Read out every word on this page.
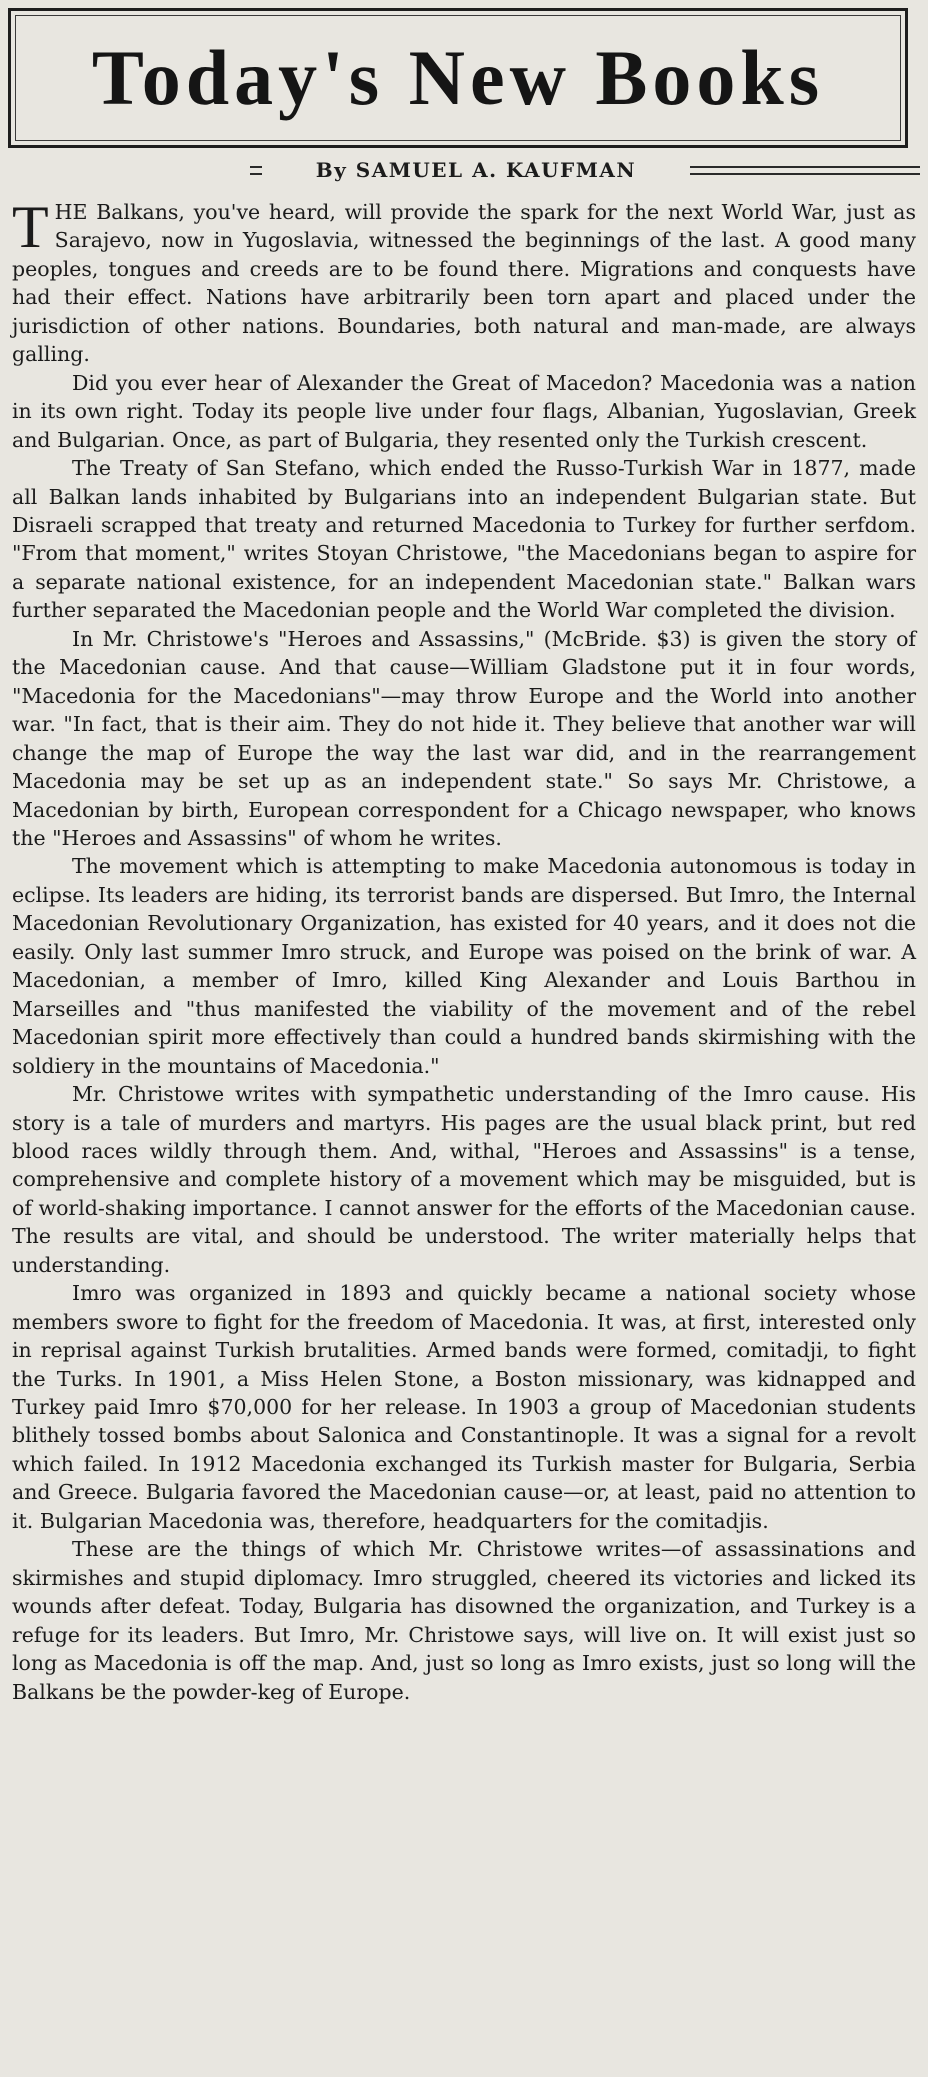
Today's New Books
By SAMUEL A. KAUFMAN

THE Balkans, you've heard, will provide the spark for the next World War, just as Sarajevo, now in Yugoslavia, witnessed the beginnings of the last. A good many peoples, tongues and creeds are to be found there. Migrations and conquests have had their effect. Nations have arbitrarily been torn apart and placed under the jurisdiction of other nations. Boundaries, both natural and man-made, are always galling.

Did you ever hear of Alexander the Great of Macedon? Macedonia was a nation in its own right. Today its people live under four flags, Albanian, Yugoslavian, Greek and Bulgarian. Once, as part of Bulgaria, they resented only the Turkish crescent.

The Treaty of San Stefano, which ended the Russo-Turkish War in 1877, made all Balkan lands inhabited by Bulgarians into an independent Bulgarian state. But Disraeli scrapped that treaty and returned Macedonia to Turkey for further serfdom. "From that moment," writes Stoyan Christowe, "the Macedonians began to aspire for a separate national existence, for an independent Macedonian state." Balkan wars further separated the Macedonian people and the World War completed the division.

In Mr. Christowe's "Heroes and Assassins," (McBride. $3) is given the story of the Macedonian cause. And that cause—William Gladstone put it in four words, "Macedonia for the Macedonians"—may throw Europe and the World into another war. "In fact, that is their aim. They do not hide it. They believe that another war will change the map of Europe the way the last war did, and in the rearrangement Macedonia may be set up as an independent state." So says Mr. Christowe, a Macedonian by birth, European correspondent for a Chicago newspaper, who knows the "Heroes and Assassins" of whom he writes.

The movement which is attempting to make Macedonia autonomous is today in eclipse. Its leaders are hiding, its terrorist bands are dispersed. But Imro, the Internal Macedonian Revolutionary Organization, has existed for 40 years, and it does not die easily. Only last summer Imro struck, and Europe was poised on the brink of war. A Macedonian, a member of Imro, killed King Alexander and Louis Barthou in Marseilles and "thus manifested the viability of the movement and of the rebel Macedonian spirit more effectively than could a hundred bands skirmishing with the soldiery in the mountains of Macedonia."

Mr. Christowe writes with sympathetic understanding of the Imro cause. His story is a tale of murders and martyrs. His pages are the usual black print, but red blood races wildly through them. And, withal, "Heroes and Assassins" is a tense, comprehensive and complete history of a movement which may be misguided, but is of world-shaking importance. I cannot answer for the efforts of the Macedonian cause. The results are vital, and should be understood. The writer materially helps that understanding.

Imro was organized in 1893 and quickly became a national society whose members swore to fight for the freedom of Macedonia. It was, at first, interested only in reprisal against Turkish brutalities. Armed bands were formed, comitadji, to fight the Turks. In 1901, a Miss Helen Stone, a Boston missionary, was kidnapped and Turkey paid Imro $70,000 for her release. In 1903 a group of Macedonian students blithely tossed bombs about Salonica and Constantinople. It was a signal for a revolt which failed. In 1912 Macedonia exchanged its Turkish master for Bulgaria, Serbia and Greece. Bulgaria favored the Macedonian cause—or, at least, paid no attention to it. Bulgarian Macedonia was, therefore, headquarters for the comitadjis.

These are the things of which Mr. Christowe writes—of assassinations and skirmishes and stupid diplomacy. Imro struggled, cheered its victories and licked its wounds after defeat. Today, Bulgaria has disowned the organization, and Turkey is a refuge for its leaders. But Imro, Mr. Christowe says, will live on. It will exist just so long as Macedonia is off the map. And, just so long as Imro exists, just so long will the Balkans be the powder-keg of Europe.
